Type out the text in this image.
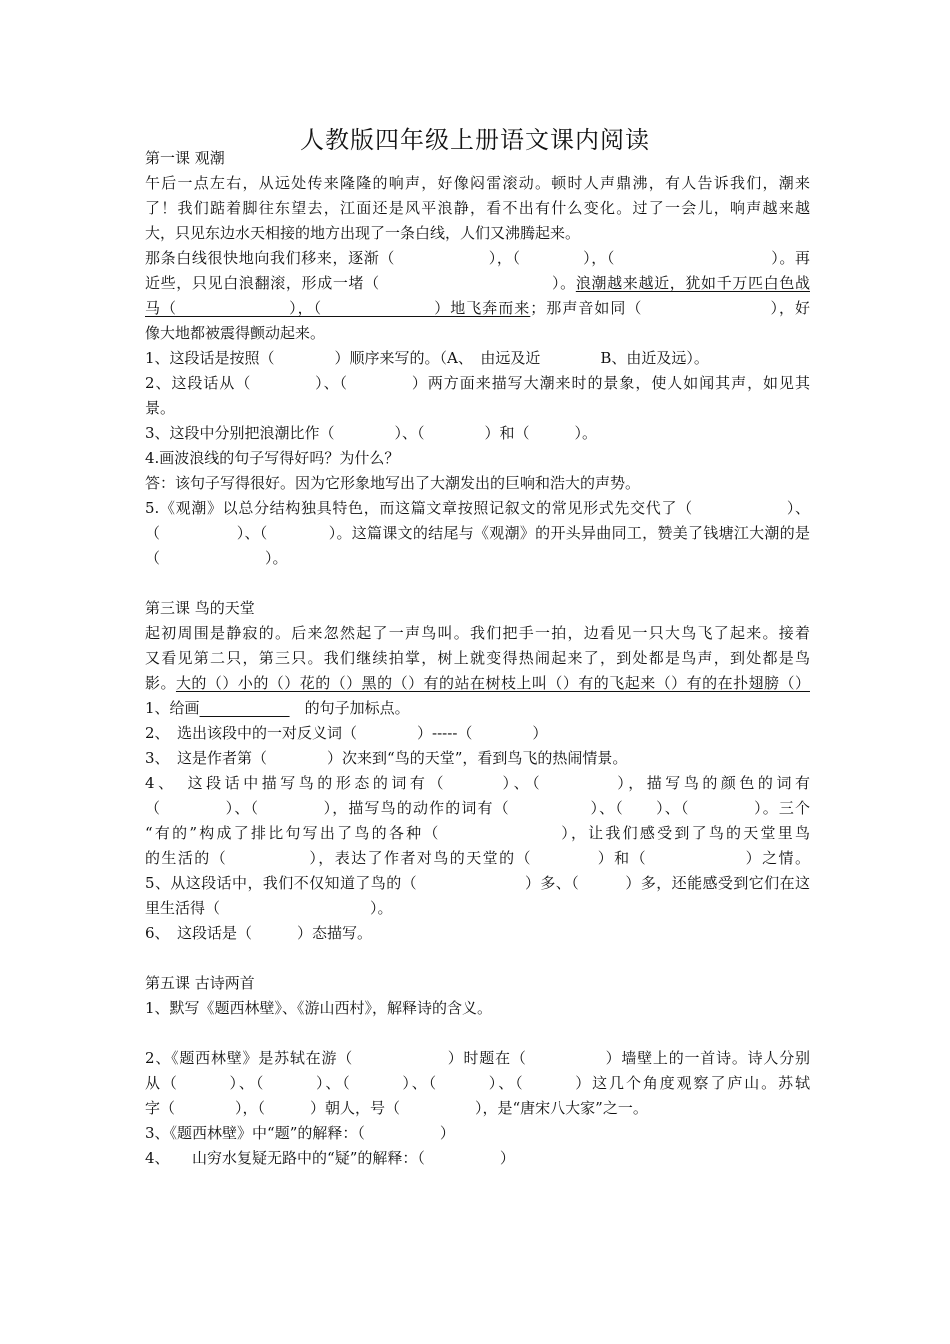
人教版四年级上册语文课内阅读
第一课 观潮
午后一点左右，从远处传来隆隆的响声，好像闷雷滚动。顿时人声鼎沸，有人告诉我们，潮来
了！我们踮着脚往东望去，江面还是风平浪静，看不出有什么变化。过了一会儿，响声越来越
大，只见东边水天相接的地方出现了一条白线，人们又沸腾起来。
那条白线很快地向我们移来，逐渐（　　　　　　），（　　　　），（　　　　　　　　　　）。再
近些，只见白浪翻滚，形成一堵（　　　　　　　　　　　）。浪潮越来越近，犹如千万匹白色战
马（　　　　　　　），（　　　　　　　）地飞奔而来；那声音如同（　　　　　　　　），好
像大地都被震得颤动起来。
1、这段话是按照（　　　　）顺序来写的。（A、　由远及近　　　　B、由近及远）。
2、这段话从（　　　　）、（　　　　）两方面来描写大潮来时的景象，使人如闻其声，如见其
景。
3、这段中分别把浪潮比作（　　　　）、（　　　　）和（　　　）。
4.画波浪线的句子写得好吗？为什么？
答：该句子写得很好。因为它形象地写出了大潮发出的巨响和浩大的声势。
5.《观潮》以总分结构独具特色，而这篇文章按照记叙文的常见形式先交代了（　　　　　　）、
（　　　　　）、（　　　　）。这篇课文的结尾与《观潮》的开头异曲同工，赞美了钱塘江大潮的是
（　　　　　　　）。
第三课 鸟的天堂
起初周围是静寂的。后来忽然起了一声鸟叫。我们把手一拍，边看见一只大鸟飞了起来。接着
又看见第二只，第三只。我们继续拍掌，树上就变得热闹起来了，到处都是鸟声，到处都是鸟
影。大的（）小的（）花的（）黑的（）有的站在树枝上叫（）有的飞起来（）有的在扑翅膀（）
1、给画　　　　　　	　的句子加标点。
2、　选出该段中的一对反义词（　　　　）-----（　　　　）
3、　这是作者第（　　　　）次来到“鸟的天堂”，看到鸟飞的热闹情景。
4、　这段话中描写鸟的形态的词有（　　　）、（　　　　），描写鸟的颜色的词有
（　　　　）、（　　　　），描写鸟的动作的词有（　　　　　）、（　　）、（　　　　）。三个
“有的”构成了排比句写出了鸟的各种（　　　　　　　），让我们感受到了鸟的天堂里鸟
的生活的（　　　　　），表达了作者对鸟的天堂的（　　　　）和（　　　　　　）之情。
5、从这段话中，我们不仅知道了鸟的（　　　　　　　）多、（　　　）多，还能感受到它们在这
里生活得（　　　　　　　　　　）。
6、　这段话是（　　　）态描写。
第五课 古诗两首
1、默写《题西林壁》、《游山西村》，解释诗的含义。
2、《题西林壁》是苏轼在游（　　　　　　）时题在（　　　　　）墙壁上的一首诗。诗人分别
从（　　　）、（　　　）、（　　　）、（　　　）、（　　　）这几个角度观察了庐山。苏轼
字（　　　　），（　　　）朝人，号（　　　　　），是“唐宋八大家”之一。
3、《题西林壁》中“题”的解释：（　　　　　）
4、　　山穷水复疑无路中的“疑”的解释：（　　　　　）
